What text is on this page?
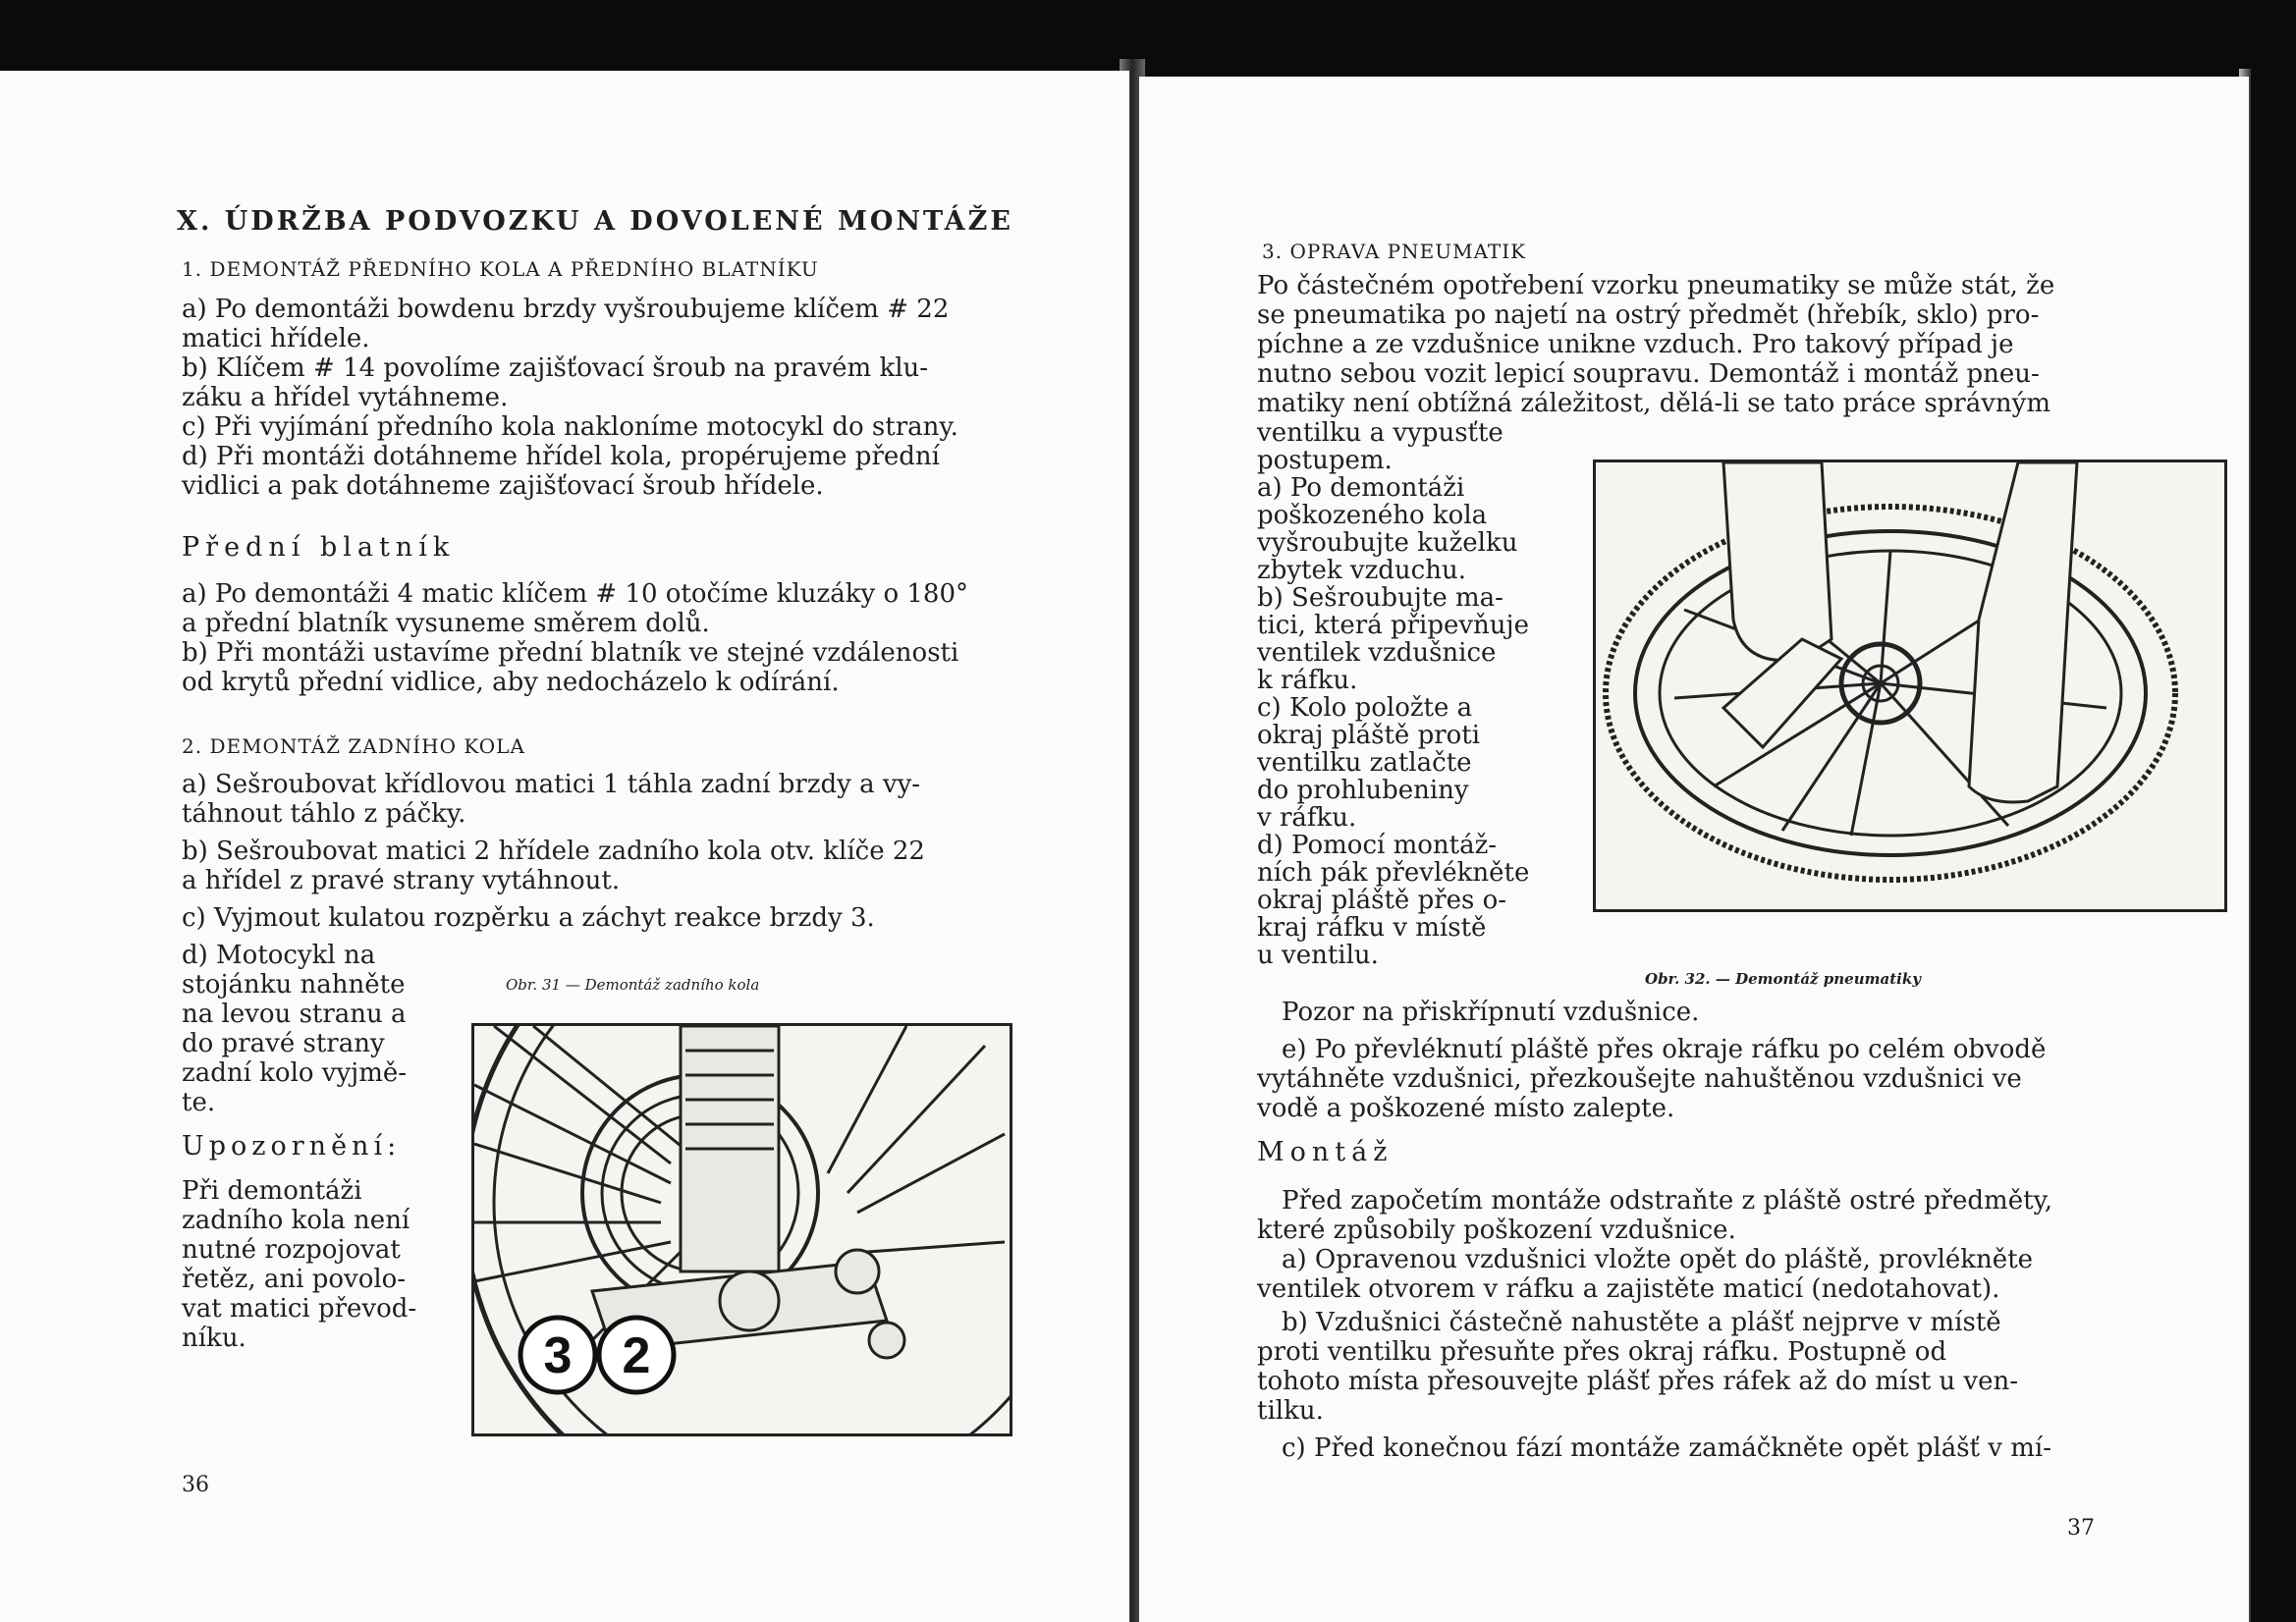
X. ÚDRŽBA PODVOZKU A DOVOLENÉ MONTÁŽE
1. DEMONTÁŽ PŘEDNÍHO KOLA A PŘEDNÍHO BLATNÍKU
a) Po demontáži bowdenu brzdy vyšroubujeme klíčem # 22
matici hřídele.
b) Klíčem # 14 povolíme zajišťovací šroub na pravém klu-
záku a hřídel vytáhneme.
c) Při vyjímání předního kola nakloníme motocykl do strany.
d) Při montáži dotáhneme hřídel kola, propérujeme přední
vidlici a pak dotáhneme zajišťovací šroub hřídele.
Přední blatník
a) Po demontáži 4 matic klíčem # 10 otočíme kluzáky o 180°
a přední blatník vysuneme směrem dolů.
b) Při montáži ustavíme přední blatník ve stejné vzdálenosti
od krytů přední vidlice, aby nedocházelo k odírání.
2. DEMONTÁŽ ZADNÍHO KOLA
a) Sešroubovat křídlovou matici 1 táhla zadní brzdy a vy-
táhnout táhlo z páčky.
b) Sešroubovat matici 2 hřídele zadního kola otv. klíče 22
a hřídel z pravé strany vytáhnout.
c) Vyjmout kulatou rozpěrku a záchyt reakce brzdy 3.
d) Motocykl na
stojánku nahněte
na levou stranu a
do pravé strany
zadní kolo vyjmě-
te.
Upozornění:
Při demontáži
zadního kola není
nutné rozpojovat
řetěz, ani povolo-
vat matici převod-
níku.
Obr. 31 — Demontáž zadního kola
3 2
36
3. OPRAVA PNEUMATIK
Po částečném opotřebení vzorku pneumatiky se může stát, že
se pneumatika po najetí na ostrý předmět (hřebík, sklo) pro-
píchne a ze vzdušnice unikne vzduch. Pro takový případ je
nutno sebou vozit lepicí soupravu. Demontáž i montáž pneu-
matiky není obtížná záležitost, dělá-li se tato práce správným
ventilku a vypusťte
postupem.
a) Po demontáži
poškozeného kola
vyšroubujte kuželku
zbytek vzduchu.
b) Sešroubujte ma-
tici, která připevňuje
ventilek vzdušnice
k ráfku.
c) Kolo položte a
okraj pláště proti
ventilku zatlačte
do prohlubeniny
v ráfku.
d) Pomocí montáž-
ních pák převlékněte
okraj pláště přes o-
kraj ráfku v místě
u ventilu.
Pozor na přiskřípnutí vzdušnice.
e) Po převléknutí pláště přes okraje ráfku po celém obvodě
vytáhněte vzdušnici, přezkoušejte nahuštěnou vzdušnici ve
vodě a poškozené místo zalepte.
Montáž
Před započetím montáže odstraňte z pláště ostré předměty,
které způsobily poškození vzdušnice.
a) Opravenou vzdušnici vložte opět do pláště, provlékněte
ventilek otvorem v ráfku a zajistěte maticí (nedotahovat).
b) Vzdušnici částečně nahustěte a plášť nejprve v místě
proti ventilku přesuňte přes okraj ráfku. Postupně od
tohoto místa přesouvejte plášť přes ráfek až do míst u ven-
tilku.
c) Před konečnou fází montáže zamáčkněte opět plášť v mí-
Obr. 32. — Demontáž pneumatiky
37
